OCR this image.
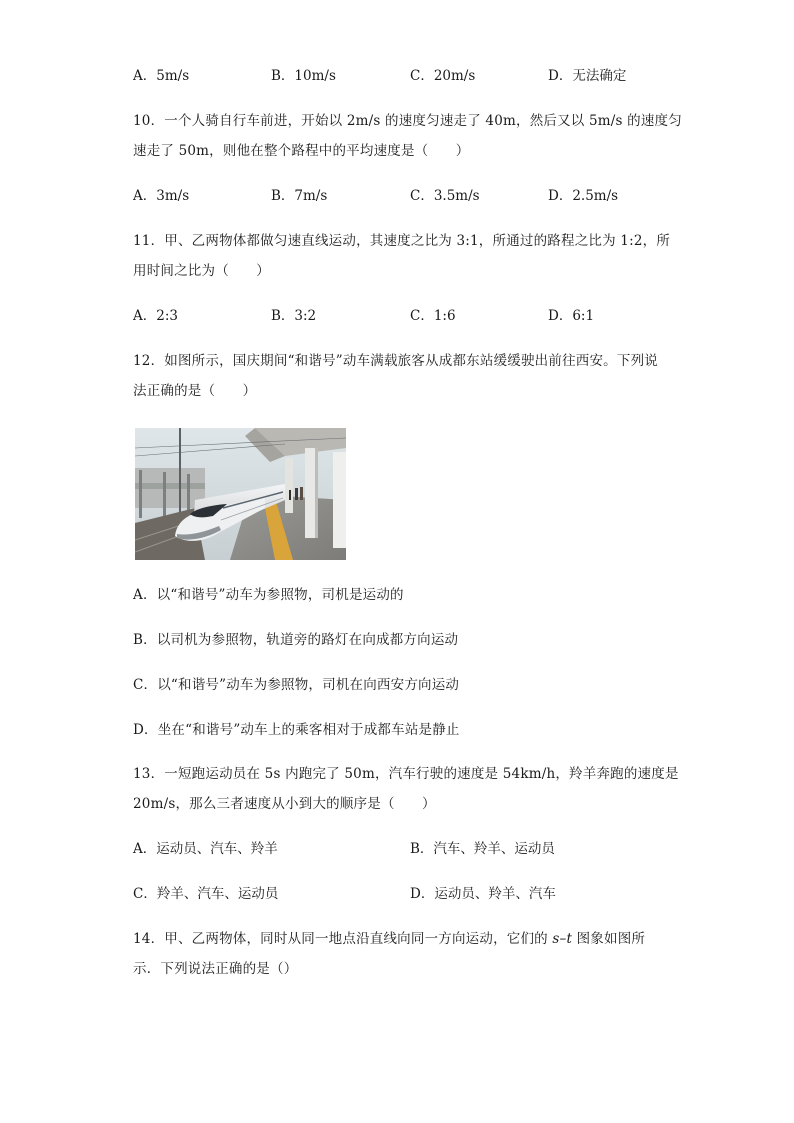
A．5m/s	B．10m/s	C．20m/s	D．无法确定
10．一个人骑自行车前进，开始以 2m/s 的速度匀速走了 40m，然后又以 5m/s 的速度匀
速走了 50m，则他在整个路程中的平均速度是（　　）
A．3m/s	B．7m/s	C．3.5m/s	D．2.5m/s
11．甲、乙两物体都做匀速直线运动，其速度之比为 3:1，所通过的路程之比为 1:2，所
用时间之比为（　　）
A．2:3	B．3:2	C．1:6	D．6:1
12．如图所示，国庆期间“和谐号”动车满载旅客从成都东站缓缓驶出前往西安。下列说
法正确的是（　　）
A．以“和谐号”动车为参照物，司机是运动的
B．以司机为参照物，轨道旁的路灯在向成都方向运动
C．以“和谐号”动车为参照物，司机在向西安方向运动
D．坐在“和谐号”动车上的乘客相对于成都车站是静止
13．一短跑运动员在 5s 内跑完了 50m，汽车行驶的速度是 54km/h，羚羊奔跑的速度是
20m/s，那么三者速度从小到大的顺序是（　　）
A．运动员、汽车、羚羊	B．汽车、羚羊、运动员
C．羚羊、汽车、运动员	D．运动员、羚羊、汽车
14．甲、乙两物体，同时从同一地点沿直线向同一方向运动，它们的 s–t 图象如图所
示．下列说法正确的是（）
